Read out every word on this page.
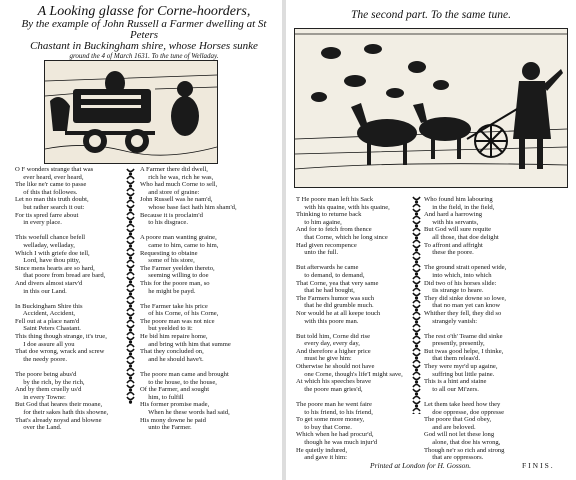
A Looking glasse for Corne-hoorders,
By the example of John Russell a Farmer dwelling at St Peters
Chastant in Buckingham shire, whose Horses sunke
ground the 4 of March 1631. To the tune of Welladay.
O F wonders strange that was
ever heard, ever heard,
The like ne'r came to passe
of this that followes.
Let no man this truth doubt,
but rather search it out:
For tis spred farre about
in every place.

This woefull chance befell
welladay, welladay,
Which I with griefe doe tell,
Lord, have thou pitty,
Since mens hearts are so hard,
that poore from bread are bard,
And divers almost starv'd
in this our Land.

In Buckingham Shire this
Accident, Accident,
Fell out at a place nam'd
Saint Peters Chastant.
This thing though strange, it's true,
I doe assure all you
That doe wrong, wrack and screw
the needy poore.

The poore being abus'd
by the rich, by the rich,
And by them cruelly us'd
in every Towne:
But God that heares their moane,
for their sakes hath this showne,
That's already noysd and blowne
over the Land.
A Farmer there did dwell,
rich he was, rich he was,
Who had much Corne to sell,
and store of graine:
John Russell was he nam'd,
whose base fact hath him sham'd,
Because it is proclaim'd
to his disgrace.

A poore man wanting graine,
came to him, came to him,
Requesting to obtaine
some of his store,
The Farmer yeelden thereto,
seeming willing to doe
This for the poore man, so
he might be payd.

The Farmer take his price
of his Corne, of his Corne,
The poore man was not nice
but yeelded to it:
He bid him repaire home,
and bring with him that summe
That they concluded on,
and he should have't.

The poore man came and brought
to the house, to the house,
Of the Farmer, and sought
him, to fulfill
His former promise made,
When he these words had said,
His mony downe he paid
unto the Farmer.
The second part. To the same tune.
T He poore man left his Sack
with his quaine, with his quaine,
Thinking to returne back
to him againe,
And for to fetch from thence
that Corne, which he long since
Had given recompence
unto the full.

But afterwards he came
to demand, to demand,
That Corne, yea that very same
that he had bought,
The Farmers humor was such
that he did grumble much.
Nor would he at all keepe touch
with this poore man.

But told him, Corne did rise
every day, every day,
And therefore a higher price
must he give him:
Otherwise he should not have
one Corne, though's life'I might save,
At which his speeches brave
the poore man gries'd,

The poore man he went faire
to his friend, to his friend,
To get some more money,
to buy that Corne.
Which when he had procur'd,
though he was much injur'd
He quietly indured,
and gave it him:
Who found him labouring
in the field, in the field,
And hard a harrowing
with his servants,
But God will sure requite
all those, that doe delight
To affront and affright
these the poore.

The ground strait opened wide,
into which, into which
Did two of his horses slide:
tis strange to heare.
They did sinke downe so lowe,
that no man yet can know
Whither they fell, they did so
strangely vanish:

The rest o'th' Teame did sinke
presently, presently,
But twas good helpe, I thinke,
that them releas'd.
They were myr'd up againe,
suffring but little paine.
This is a hint and staine
to all our Mi'zers.

Let them take heed how they
doe oppresse, doe oppresse
The poore that God obey,
and are beloved.
God will not let these long
alone, that doe his wrong,
Though ne'r so rich and strong
that are oppressors.
Printed at London for H. Gosson.	FINIS.
